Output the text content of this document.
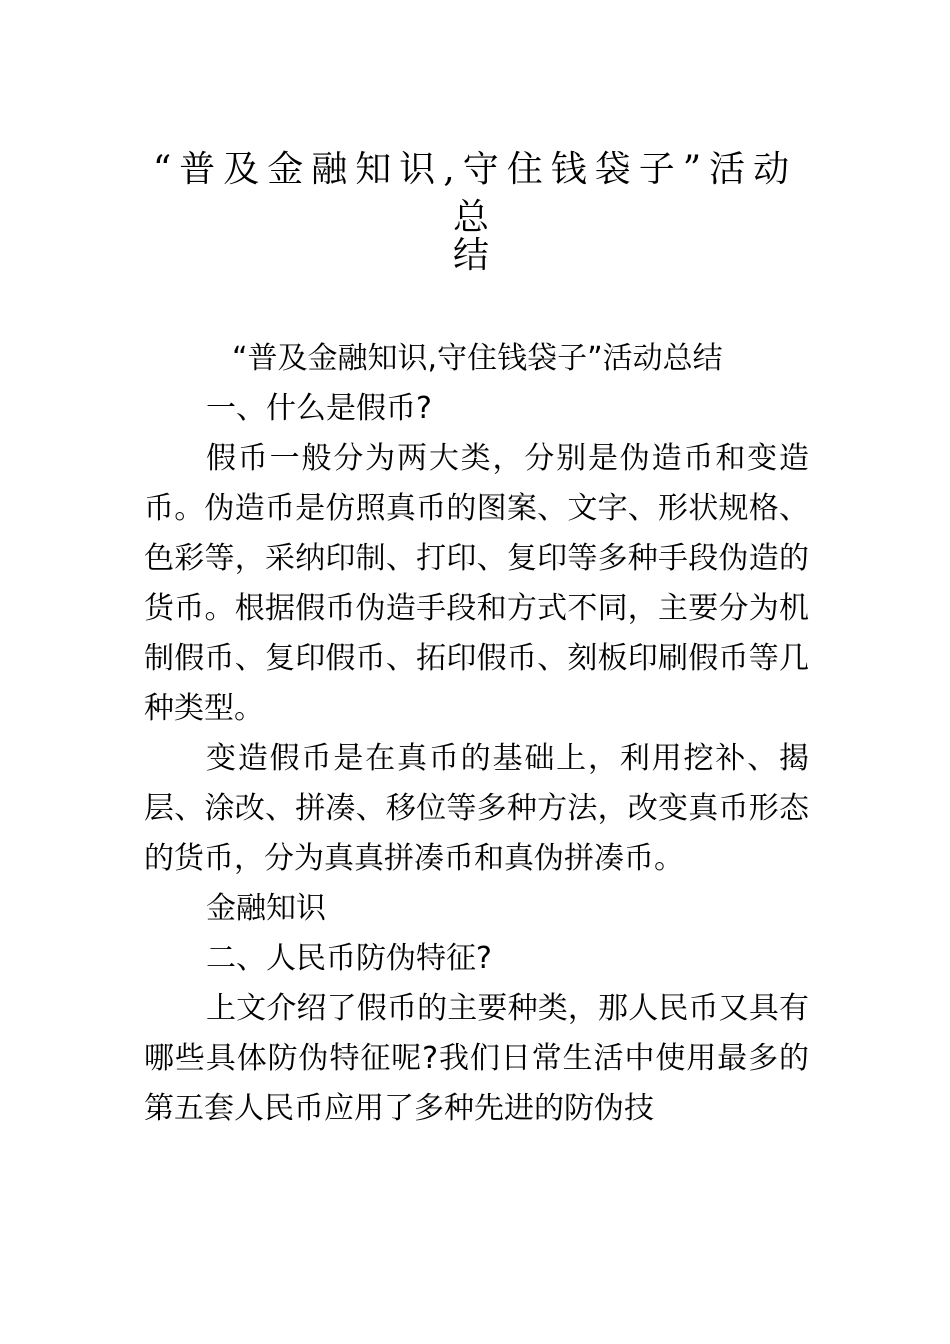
“普及金融知识,守住钱袋子”活动总
结

“普及金融知识,守住钱袋子”活动总结

一、什么是假币?

假币一般分为两大类，分别是伪造币和变造币。伪造币是仿照真币的图案、文字、形状规格、色彩等，采纳印制、打印、复印等多种手段伪造的货币。根据假币伪造手段和方式不同，主要分为机制假币、复印假币、拓印假币、刻板印刷假币等几种类型。

变造假币是在真币的基础上，利用挖补、揭层、涂改、拼凑、移位等多种方法，改变真币形态的货币，分为真真拼凑币和真伪拼凑币。

金融知识

二、人民币防伪特征?

上文介绍了假币的主要种类，那人民币又具有哪些具体防伪特征呢?我们日常生活中使用最多的第五套人民币应用了多种先进的防伪技
